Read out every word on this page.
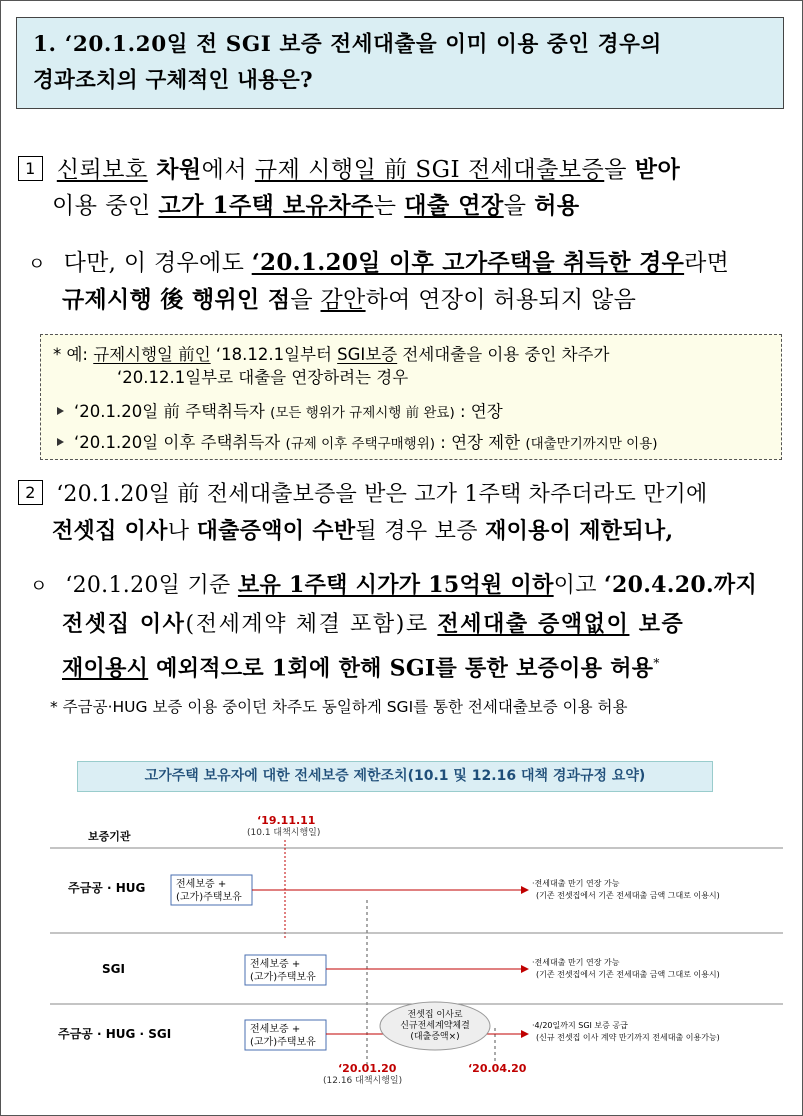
1. ‘20.1.20일 전 SGI 보증 전세대출을 이미 이용 중인 경우의
경과조치의 구체적인 내용은?
1 신뢰보호 차원에서 규제 시행일 前 SGI 전세대출보증을 받아
이용 중인 고가 1주택 보유차주는 대출 연장을 허용
ㅇ 다만, 이 경우에도 ‘20.1.20일 이후 고가주택을 취득한 경우라면
규제시행 後 행위인 점을 감안하여 연장이 허용되지 않음
* 예: 규제시행일 前인 ‘18.12.1일부터 SGI보증 전세대출을 이용 중인 차주가
‘20.12.1일부로 대출을 연장하려는 경우
‘20.1.20일 前 주택취득자 (모든 행위가 규제시행 前 완료) : 연장
‘20.1.20일 이후 주택취득자 (규제 이후 주택구매행위) : 연장 제한 (대출만기까지만 이용)
2 ‘20.1.20일 前 전세대출보증을 받은 고가 1주택 차주더라도 만기에
전셋집 이사나 대출증액이 수반될 경우 보증 재이용이 제한되나,
ㅇ ‘20.1.20일 기준 보유 1주택 시가가 15억원 이하이고 ‘20.4.20.까지
전셋집 이사(전세계약 체결 포함)로 전세대출 증액없이 보증
재이용시 예외적으로 1회에 한해 SGI를 통한 보증이용 허용*
* 주금공·HUG 보증 이용 중이던 차주도 동일하게 SGI를 통한 전세대출보증 이용 허용
고가주택 보유자에 대한 전세보증 제한조치(10.1 및 12.16 대책 경과규정 요약)
보증기관
‘19.11.11
(10.1 대책시행일)
‘20.01.20
(12.16 대책시행일)
‘20.04.20
주금공 · HUG	전세보증 +
(고가)주택보유
·전세대출 만기 연장 가능
(기존 전셋집에서 기존 전세대출 금액 그대로 이용시)
SGI	전세보증 +
(고가)주택보유
·전세대출 만기 연장 가능
(기존 전셋집에서 기존 전세대출 금액 그대로 이용시)
주금공 · HUG · SGI	전세보증 +
(고가)주택보유
전셋집 이사로
신규전세계약체결
(대출증액×)
·4/20일까지 SGI 보증 공급
(신규 전셋집 이사 계약 만기까지 전세대출 이용가능)
